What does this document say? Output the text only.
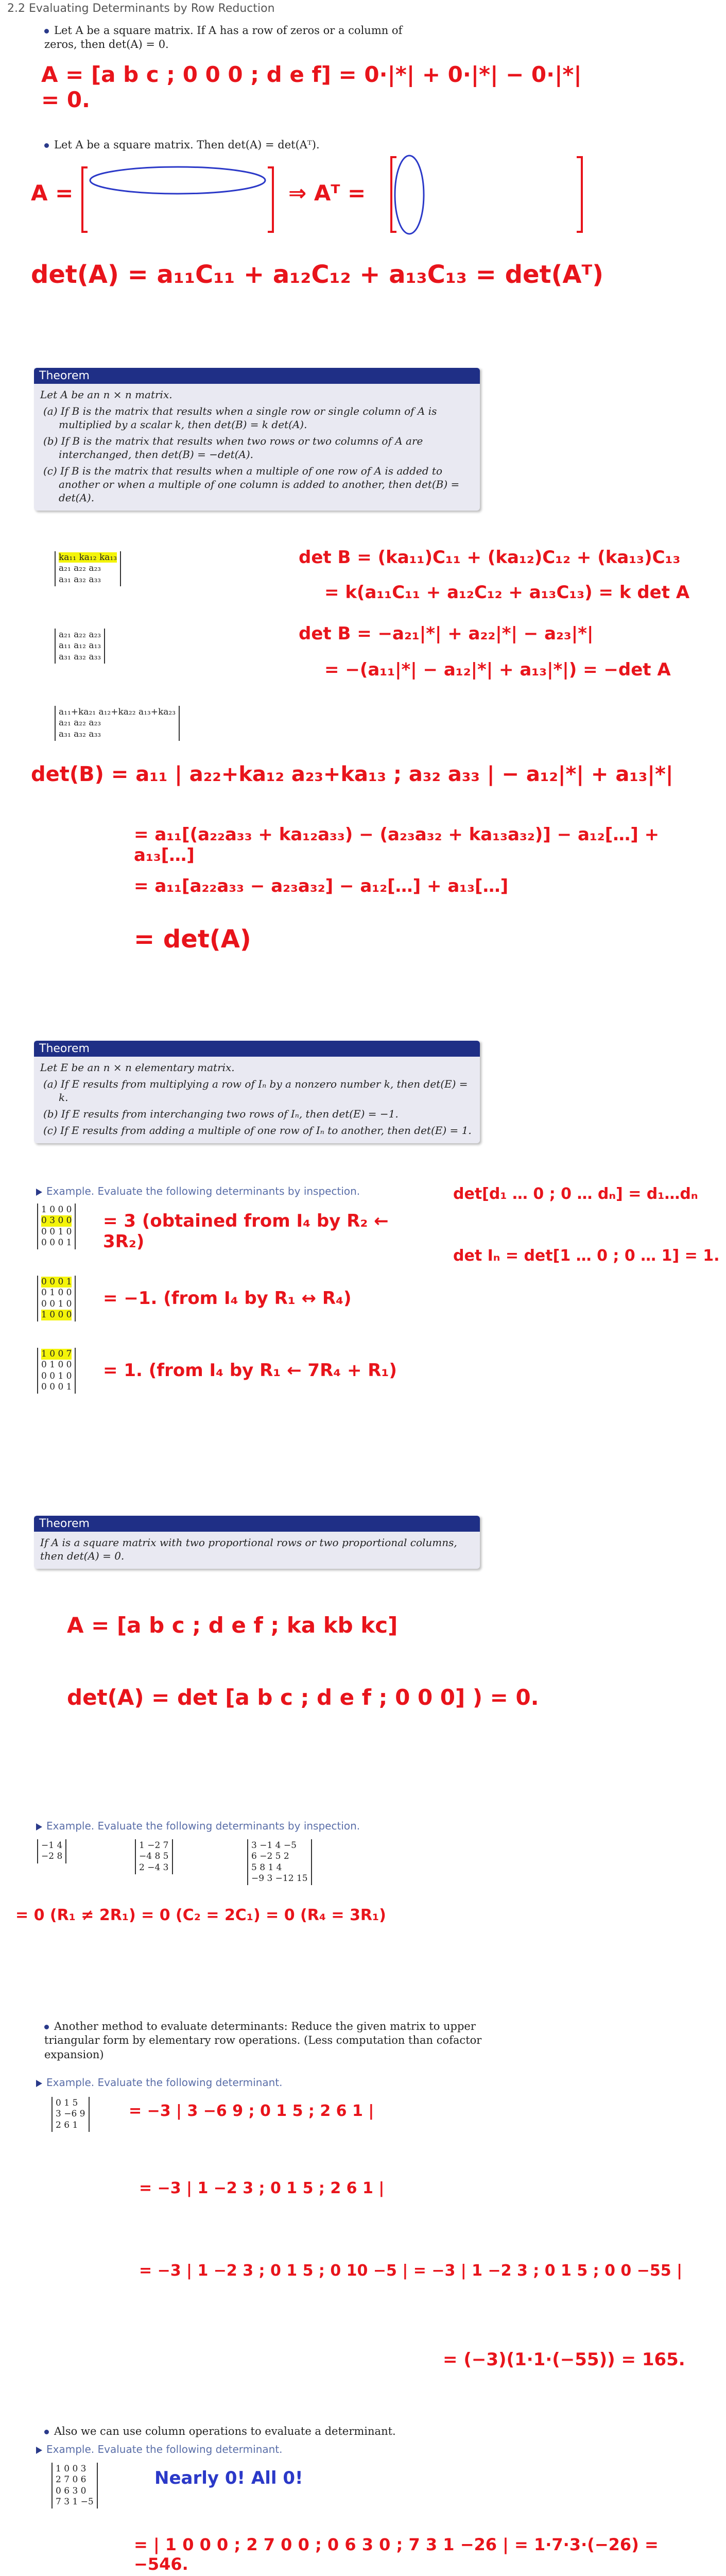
2.2 Evaluating Determinants by Row Reduction
Let A be a square matrix. If A has a row of zeros or a column of zeros, then det(A) = 0.
A = [a b c ; 0 0 0 ; d e f] = 0·|*| + 0·|*| − 0·|*| = 0.
Let A be a square matrix. Then det(A) = det(Aᵀ).
A =	⇒ Aᵀ =
det(A) = a₁₁C₁₁ + a₁₂C₁₂ + a₁₃C₁₃ = det(Aᵀ)
Theorem
Let A be an n × n matrix.
(a) If B is the matrix that results when a single row or single column of A is multiplied by a scalar k, then det(B) = k det(A).
(b) If B is the matrix that results when two rows or two columns of A are interchanged, then det(B) = −det(A).
(c) If B is the matrix that results when a multiple of one row of A is added to another or when a multiple of one column is added to another, then det(B) = det(A).
ka₁₁ ka₁₂ ka₁₃
a₂₁ a₂₂ a₂₃
a₃₁ a₃₂ a₃₃
a₂₁ a₂₂ a₂₃
a₁₁ a₁₂ a₁₃
a₃₁ a₃₂ a₃₃
a₁₁+ka₂₁ a₁₂+ka₂₂ a₁₃+ka₂₃
a₂₁ a₂₂ a₂₃
a₃₁ a₃₂ a₃₃
det B = (ka₁₁)C₁₁ + (ka₁₂)C₁₂ + (ka₁₃)C₁₃
= k(a₁₁C₁₁ + a₁₂C₁₂ + a₁₃C₁₃) = k det A
det B = −a₂₁|*| + a₂₂|*| − a₂₃|*|
= −(a₁₁|*| − a₁₂|*| + a₁₃|*|) = −det A
det(B) = a₁₁ | a₂₂+ka₁₂ a₂₃+ka₁₃ ; a₃₂ a₃₃ | − a₁₂|*| + a₁₃|*|
= a₁₁[(a₂₂a₃₃ + ka₁₂a₃₃) − (a₂₃a₃₂ + ka₁₃a₃₂)] − a₁₂[…] + a₁₃[…]
= a₁₁[a₂₂a₃₃ − a₂₃a₃₂] − a₁₂[…] + a₁₃[…]
= det(A)
Theorem
Let E be an n × n elementary matrix.
(a) If E results from multiplying a row of Iₙ by a nonzero number k, then det(E) = k.
(b) If E results from interchanging two rows of Iₙ, then det(E) = −1.
(c) If E results from adding a multiple of one row of Iₙ to another, then det(E) = 1.
Example. Evaluate the following determinants by inspection.
1 0 0 0
0 3 0 0
0 0 1 0
0 0 0 1
= 3 (obtained from I₄ by R₂ ← 3R₂)
0 0 0 1
0 1 0 0
0 0 1 0
1 0 0 0
= −1. (from I₄ by R₁ ↔ R₄)
1 0 0 7
0 1 0 0
0 0 1 0
0 0 0 1
= 1. (from I₄ by R₁ ← 7R₄ + R₁)
det[d₁ … 0 ; 0 … dₙ] = d₁…dₙ
det Iₙ = det[1 … 0 ; 0 … 1] = 1.
Theorem
If A is a square matrix with two proportional rows or two proportional columns, then det(A) = 0.
A = [a b c ; d e f ; ka kb kc]
det(A) = det [a b c ; d e f ; 0 0 0] ) = 0.
Example. Evaluate the following determinants by inspection.
−1 4
−2 8
1 −2 7
−4 8 5
2 −4 3
3 −1 4 −5
6 −2 5 2
5 8 1 4
−9 3 −12 15
= 0 (R₁ ≠ 2R₁) = 0 (C₂ = 2C₁) = 0 (R₄ = 3R₁)
Another method to evaluate determinants: Reduce the given matrix to upper triangular form by elementary row operations. (Less computation than cofactor expansion)
Example. Evaluate the following determinant.
0 1 5
3 −6 9
2 6 1
= −3 | 3 −6 9 ; 0 1 5 ; 2 6 1 |
= −3 | 1 −2 3 ; 0 1 5 ; 2 6 1 |
= −3 | 1 −2 3 ; 0 1 5 ; 0 10 −5 | = −3 | 1 −2 3 ; 0 1 5 ; 0 0 −55 |
= (−3)(1·1·(−55)) = 165.
Also we can use column operations to evaluate a determinant.
Example. Evaluate the following determinant.
1 0 0 3
2 7 0 6
0 6 3 0
7 3 1 −5
Nearly 0! All 0!
= | 1 0 0 0 ; 2 7 0 0 ; 0 6 3 0 ; 7 3 1 −26 | = 1·7·3·(−26) = −546.
